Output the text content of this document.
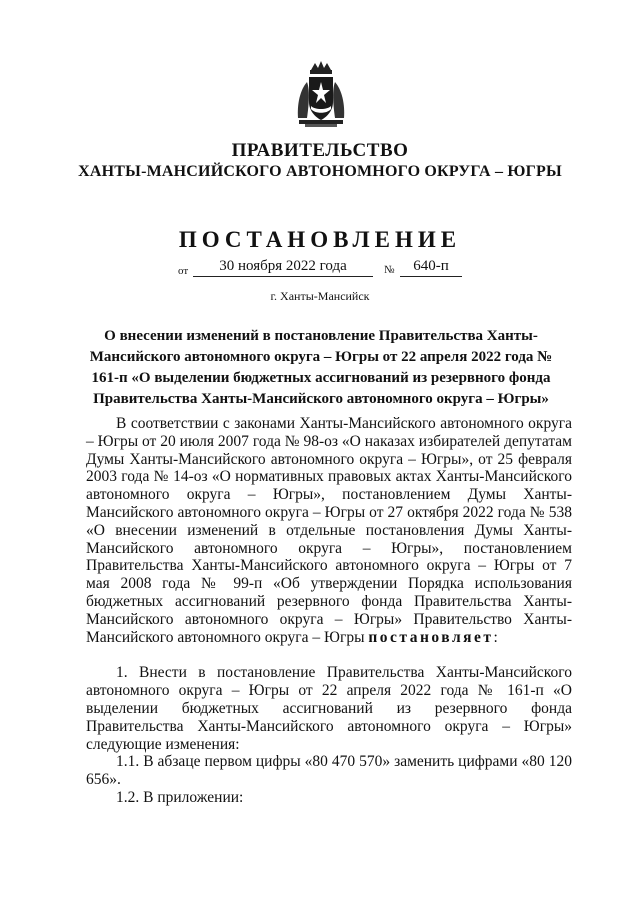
ПРАВИТЕЛЬСТВО
ХАНТЫ-МАНСИЙСКОГО АВТОНОМНОГО ОКРУГА – ЮГРЫ
ПОСТАНОВЛЕНИЕ
от	30 ноября 2022 года	№	640-п
г. Ханты-Мансийск
О внесении изменений в постановление Правительства Ханты-Мансийского автономного округа – Югры от 22 апреля 2022 года № 161-п «О выделении бюджетных ассигнований из резервного фонда Правительства Ханты-Мансийского автономного округа – Югры»

В соответствии с законами Ханты-Мансийского автономного округа – Югры от 20 июля 2007 года № 98-оз «О наказах избирателей депутатам Думы Ханты-Мансийского автономного округа – Югры», от 25 февраля 2003 года № 14-оз «О нормативных правовых актах Ханты-Мансийского автономного округа – Югры», постановлением Думы Ханты-Мансийского автономного округа – Югры от 27 октября 2022 года № 538 «О внесении изменений в отдельные постановления Думы Ханты-Мансийского автономного округа – Югры», постановлением Правительства Ханты-Мансийского автономного округа – Югры от 7 мая 2008 года № 99-п «Об утверждении Порядка использования бюджетных ассигнований резервного фонда Правительства Ханты-Мансийского автономного округа – Югры» Правительство Ханты-Мансийского автономного округа – Югры постановляет:

1. Внести в постановление Правительства Ханты-Мансийского автономного округа – Югры от 22 апреля 2022 года № 161-п «О выделении бюджетных ассигнований из резервного фонда Правительства Ханты-Мансийского автономного округа – Югры» следующие изменения:

1.1. В абзаце первом цифры «80 470 570» заменить цифрами «80 120 656».

1.2. В приложении:
